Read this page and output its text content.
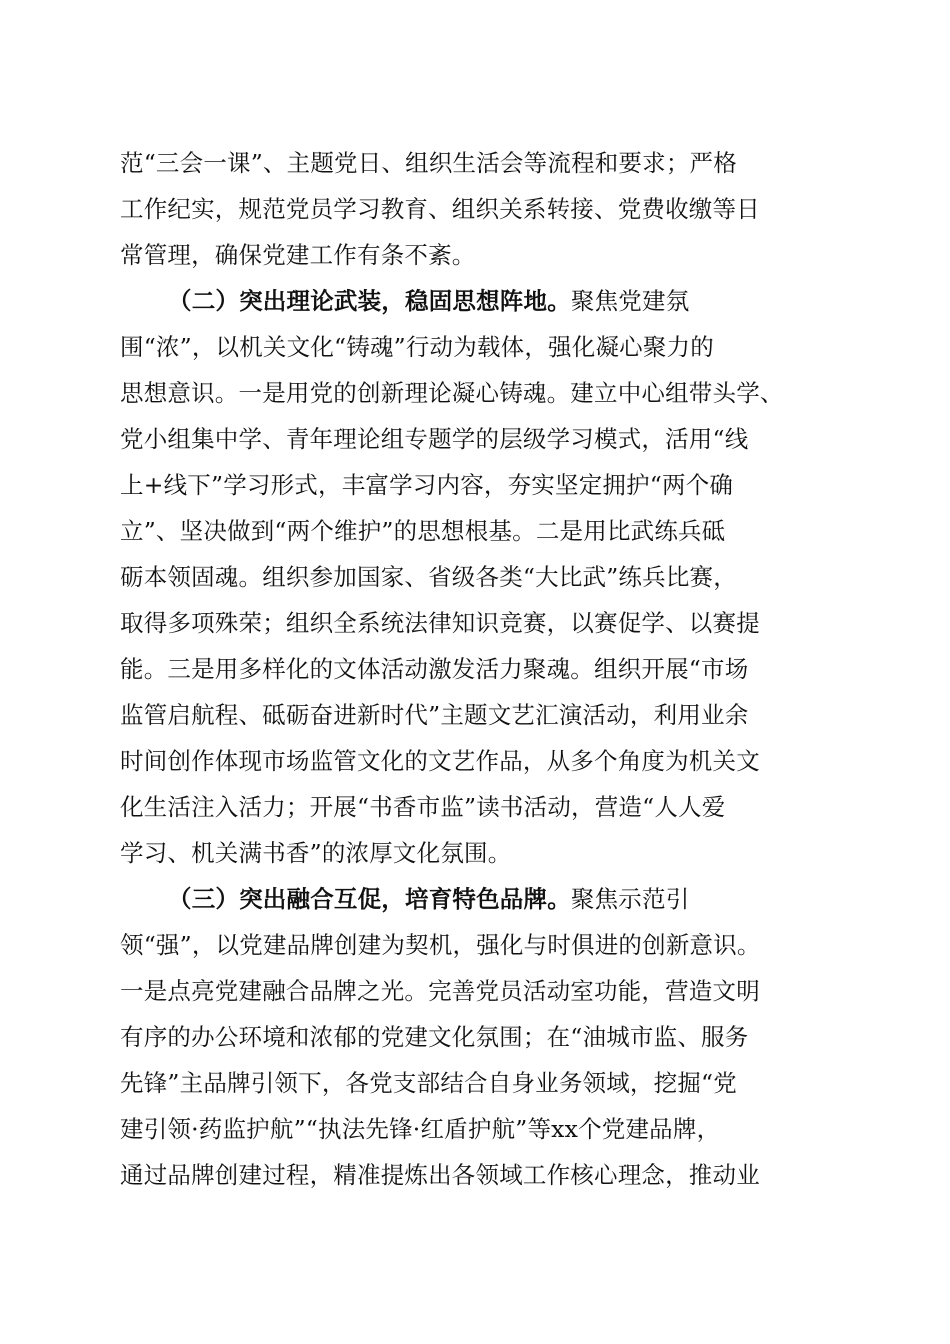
范“三会一课”、主题党日、组织生活会等流程和要求；严格
工作纪实，规范党员学习教育、组织关系转接、党费收缴等日
常管理，确保党建工作有条不紊。
（二）突出理论武装，稳固思想阵地。聚焦党建氛
围“浓”，以机关文化“铸魂”行动为载体，强化凝心聚力的
思想意识。一是用党的创新理论凝心铸魂。建立中心组带头学、
党小组集中学、青年理论组专题学的层级学习模式，活用“线
上+线下”学习形式，丰富学习内容，夯实坚定拥护“两个确
立”、坚决做到“两个维护”的思想根基。二是用比武练兵砥
砺本领固魂。组织参加国家、省级各类“大比武”练兵比赛，
取得多项殊荣；组织全系统法律知识竞赛，以赛促学、以赛提
能。三是用多样化的文体活动激发活力聚魂。组织开展“市场
监管启航程、砥砺奋进新时代”主题文艺汇演活动，利用业余
时间创作体现市场监管文化的文艺作品，从多个角度为机关文
化生活注入活力；开展“书香市监”读书活动，营造“人人爱
学习、机关满书香”的浓厚文化氛围。
（三）突出融合互促，培育特色品牌。聚焦示范引
领“强”，以党建品牌创建为契机，强化与时俱进的创新意识。
一是点亮党建融合品牌之光。完善党员活动室功能，营造文明
有序的办公环境和浓郁的党建文化氛围；在“油城市监、服务
先锋”主品牌引领下，各党支部结合自身业务领域，挖掘“党
建引领·药监护航”“执法先锋·红盾护航”等xx个党建品牌，
通过品牌创建过程，精准提炼出各领域工作核心理念，推动业
